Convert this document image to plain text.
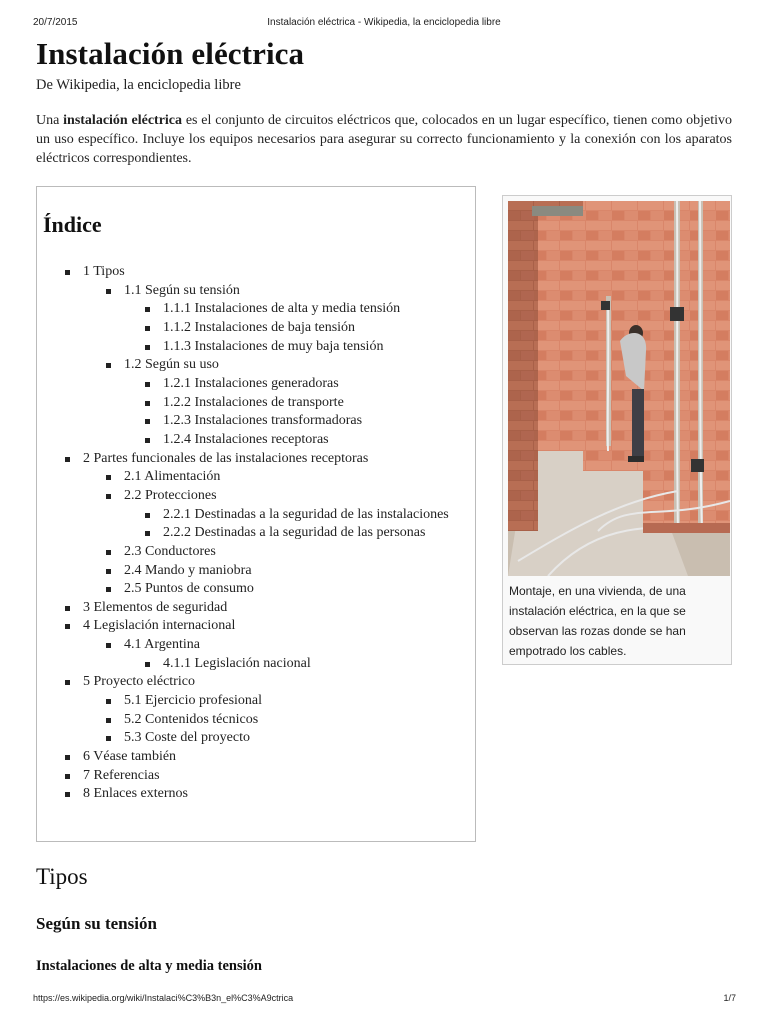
20/7/2015	Instalación eléctrica - Wikipedia, la enciclopedia libre
Instalación eléctrica
De Wikipedia, la enciclopedia libre

Una instalación eléctrica es el conjunto de circuitos eléctricos que, colocados en un lugar específico, tienen como objetivo un uso específico. Incluye los equipos necesarios para asegurar su correcto funcionamiento y la conexión con los aparatos eléctricos correspondientes.

Índice
1 Tipos
1.1 Según su tensión
1.1.1 Instalaciones de alta y media tensión
1.1.2 Instalaciones de baja tensión
1.1.3 Instalaciones de muy baja tensión
1.2 Según su uso
1.2.1 Instalaciones generadoras
1.2.2 Instalaciones de transporte
1.2.3 Instalaciones transformadoras
1.2.4 Instalaciones receptoras
2 Partes funcionales de las instalaciones receptoras
2.1 Alimentación
2.2 Protecciones
2.2.1 Destinadas a la seguridad de las instalaciones
2.2.2 Destinadas a la seguridad de las personas
2.3 Conductores
2.4 Mando y maniobra
2.5 Puntos de consumo
3 Elementos de seguridad
4 Legislación internacional
4.1 Argentina
4.1.1 Legislación nacional
5 Proyecto eléctrico
5.1 Ejercicio profesional
5.2 Contenidos técnicos
5.3 Coste del proyecto
6 Véase también
7 Referencias
8 Enlaces externos

Montaje, en una vivienda, de una instalación eléctrica, en la que se observan las rozas donde se han empotrado los cables.

Tipos
Según su tensión
Instalaciones de alta y media tensión
https://es.wikipedia.org/wiki/Instalaci%C3%B3n_el%C3%A9ctrica	1/7
